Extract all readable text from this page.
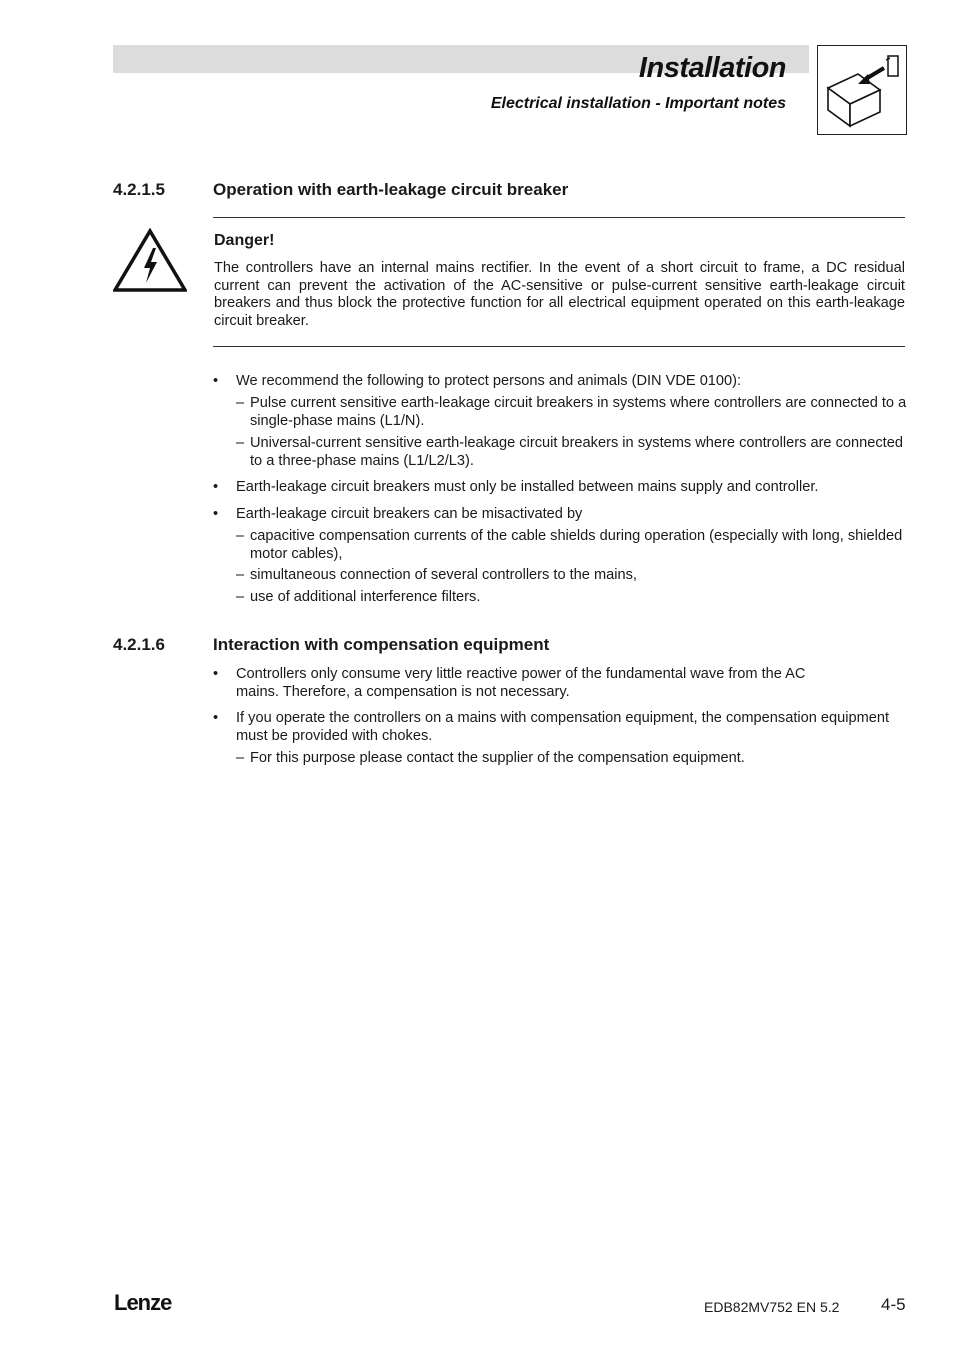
Installation
Electrical installation - Important notes
4.2.1.5	Operation with earth-leakage circuit breaker
Danger!
The controllers have an internal mains rectifier. In the event of a short circuit to frame, a DC residual current can prevent the activation of the AC-sensitive or pulse-current sensitive earth-leakage circuit breakers and thus block the protective function for all electrical equipment operated on this earth-leakage circuit breaker.
• We recommend the following to protect persons and animals (DIN VDE 0100):
– Pulse current sensitive earth-leakage circuit breakers in systems where controllers are connected to a single-phase mains (L1/N).
– Universal-current sensitive earth-leakage circuit breakers in systems where controllers are connected to a three-phase mains (L1/L2/L3).
• Earth-leakage circuit breakers must only be installed between mains supply and controller.
• Earth-leakage circuit breakers can be misactivated by
– capacitive compensation currents of the cable shields during operation (especially with long, shielded motor cables),
– simultaneous connection of several controllers to the mains,
– use of additional interference filters.
4.2.1.6	Interaction with compensation equipment
• Controllers only consume very little reactive power of the fundamental wave from the AC mains. Therefore, a compensation is not necessary.
• If you operate the controllers on a mains with compensation equipment, the compensation equipment must be provided with chokes.
– For this purpose please contact the supplier of the compensation equipment.
Lenze	EDB82MV752 EN 5.2 4-5
